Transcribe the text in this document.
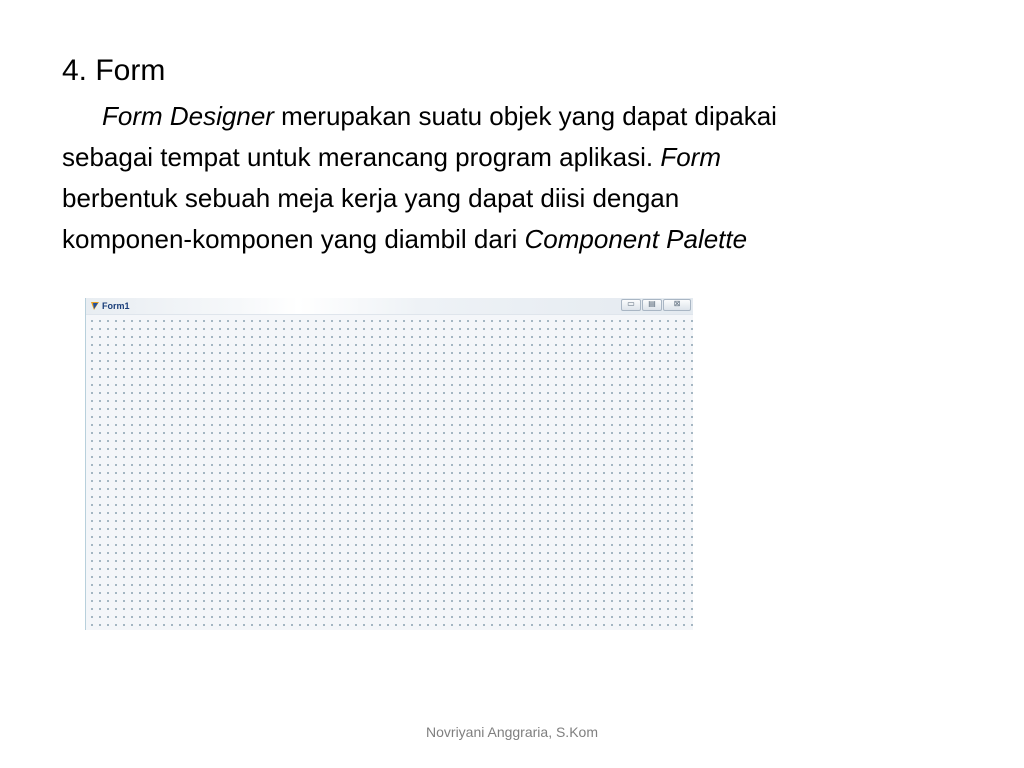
4. Form

Form Designer merupakan suatu objek yang dapat dipakai
sebagai tempat untuk merancang program aplikasi. Form
berbentuk sebuah meja kerja yang dapat diisi dengan
komponen-komponen yang diambil dari Component Palette

Form1	▭	▤	⊠
Novriyani Anggraria, S.Kom
